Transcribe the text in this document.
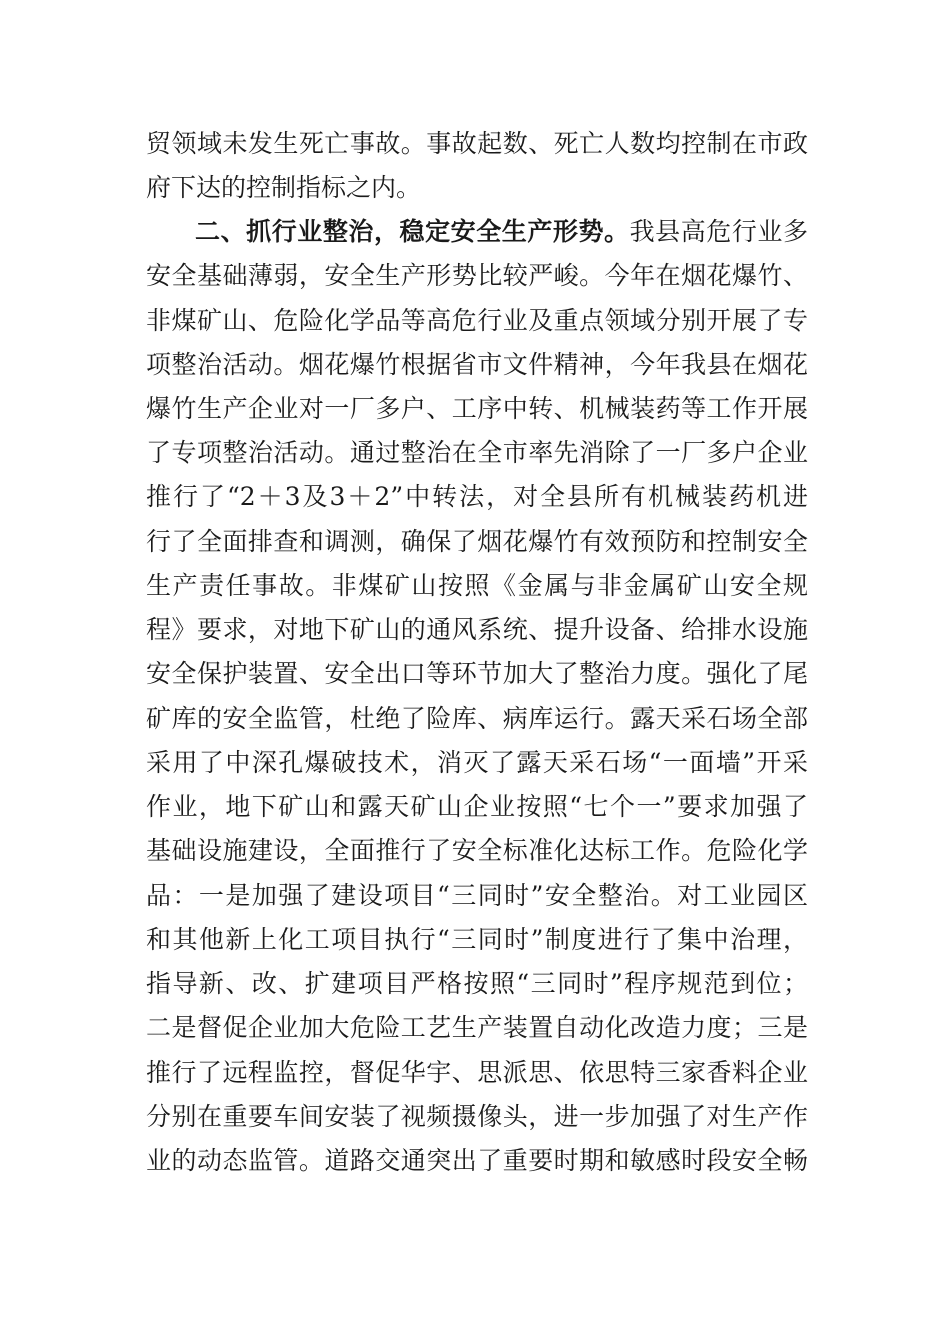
贸领域未发生死亡事故。事故起数、死亡人数均控制在市政
府下达的控制指标之内。
二、抓行业整治，稳定安全生产形势。我县高危行业多
安全基础薄弱，安全生产形势比较严峻。今年在烟花爆竹、
非煤矿山、危险化学品等高危行业及重点领域分别开展了专
项整治活动。烟花爆竹根据省市文件精神，今年我县在烟花
爆竹生产企业对一厂多户、工序中转、机械装药等工作开展
了专项整治活动。通过整治在全市率先消除了一厂多户企业
推行了“2＋3及3＋2”中转法，对全县所有机械装药机进
行了全面排查和调测，确保了烟花爆竹有效预防和控制安全
生产责任事故。非煤矿山按照《金属与非金属矿山安全规
程》要求，对地下矿山的通风系统、提升设备、给排水设施
安全保护装置、安全出口等环节加大了整治力度。强化了尾
矿库的安全监管，杜绝了险库、病库运行。露天采石场全部
采用了中深孔爆破技术，消灭了露天采石场“一面墙”开采
作业，地下矿山和露天矿山企业按照“七个一”要求加强了
基础设施建设，全面推行了安全标准化达标工作。危险化学
品：一是加强了建设项目“三同时”安全整治。对工业园区
和其他新上化工项目执行“三同时”制度进行了集中治理，
指导新、改、扩建项目严格按照“三同时”程序规范到位；
二是督促企业加大危险工艺生产装置自动化改造力度；三是
推行了远程监控，督促华宇、思派思、依思特三家香料企业
分别在重要车间安装了视频摄像头，进一步加强了对生产作
业的动态监管。道路交通突出了重要时期和敏感时段安全畅
